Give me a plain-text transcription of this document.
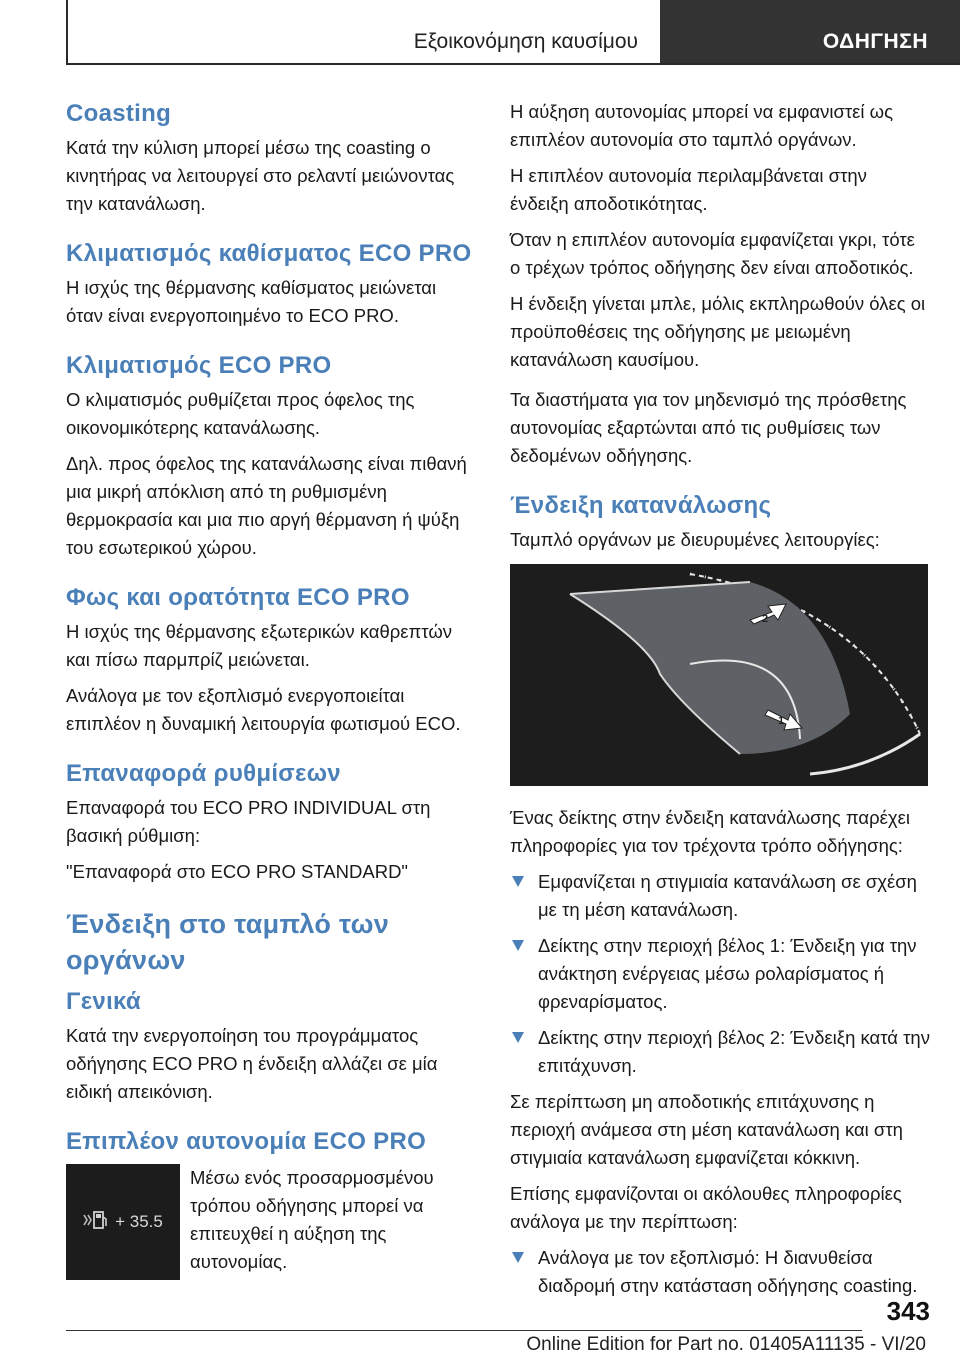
Εξοικονόμηση καυσίμου	ΟΔΗΓΗΣΗ
Coasting

Κατά την κύλιση μπορεί μέσω της coasting ο κινητήρας να λειτουργεί στο ρελαντί μειώνοντας την κατανάλωση.

Κλιματισμός καθίσματος ECO PRO

Η ισχύς της θέρμανσης καθίσματος μειώνεται όταν είναι ενεργοποιημένο το ECO PRO.

Κλιματισμός ECO PRO

Ο κλιματισμός ρυθμίζεται προς όφελος της οικονομικότερης κατανάλωσης.

Δηλ. προς όφελος της κατανάλωσης είναι πιθανή μια μικρή απόκλιση από τη ρυθμισμένη θερμοκρασία και μια πιο αργή θέρμανση ή ψύξη του εσωτερικού χώρου.

Φως και ορατότητα ECO PRO

Η ισχύς της θέρμανσης εξωτερικών καθρεπτών και πίσω παρμπρίζ μειώνεται.

Ανάλογα με τον εξοπλισμό ενεργοποιείται επιπλέον η δυναμική λειτουργία φωτισμού ECO.

Επαναφορά ρυθμίσεων

Επαναφορά του ECO PRO INDIVIDUAL στη βασική ρύθμιση:

"Επαναφορά στο ECO PRO STANDARD"

Ένδειξη στο ταμπλό των οργάνων
Γενικά

Κατά την ενεργοποίηση του προγράμματος οδήγησης ECO PRO η ένδειξη αλλάζει σε μία ειδική απεικόνιση.

Επιπλέον αυτονομία ECO PRO
+ 35.5

Μέσω ενός προσαρμοσμένου τρόπου οδήγησης μπορεί να επιτευχθεί η αύξηση της αυτονομίας.

Η αύξηση αυτονομίας μπορεί να εμφανιστεί ως επιπλέον αυτονομία στο ταμπλό οργάνων.

Η επιπλέον αυτονομία περιλαμβάνεται στην ένδειξη αποδοτικότητας.

Όταν η επιπλέον αυτονομία εμφανίζεται γκρι, τότε ο τρέχων τρόπος οδήγησης δεν είναι αποδοτικός.

Η ένδειξη γίνεται μπλε, μόλις εκπληρωθούν όλες οι προϋποθέσεις της οδήγησης με μειωμένη κατανάλωση καυσίμου.

Τα διαστήματα για τον μηδενισμό της πρόσθετης αυτονομίας εξαρτώνται από τις ρυθμίσεις των δεδομένων οδήγησης.

Ένδειξη κατανάλωσης

Ταμπλό οργάνων με διευρυμένες λειτουργίες:

2
1

Ένας δείκτης στην ένδειξη κατανάλωσης παρέχει πληροφορίες για τον τρέχοντα τρόπο οδήγησης:

Εμφανίζεται η στιγμιαία κατανάλωση σε σχέση με τη μέση κατανάλωση.
Δείκτης στην περιοχή βέλος 1: Ένδειξη για την ανάκτηση ενέργειας μέσω ρολαρίσματος ή φρεναρίσματος.
Δείκτης στην περιοχή βέλος 2: Ένδειξη κατά την επιτάχυνση.

Σε περίπτωση μη αποδοτικής επιτάχυνσης η περιοχή ανάμεσα στη μέση κατανάλωση και στη στιγμιαία κατανάλωση εμφανίζεται κόκκινη.

Επίσης εμφανίζονται οι ακόλουθες πληροφορίες ανάλογα με την περίπτωση:

Ανάλογα με τον εξοπλισμό: Η διανυθείσα διαδρομή στην κατάσταση οδήγησης coasting.
343
Online Edition for Part no. 01405A11135 - VI/20
